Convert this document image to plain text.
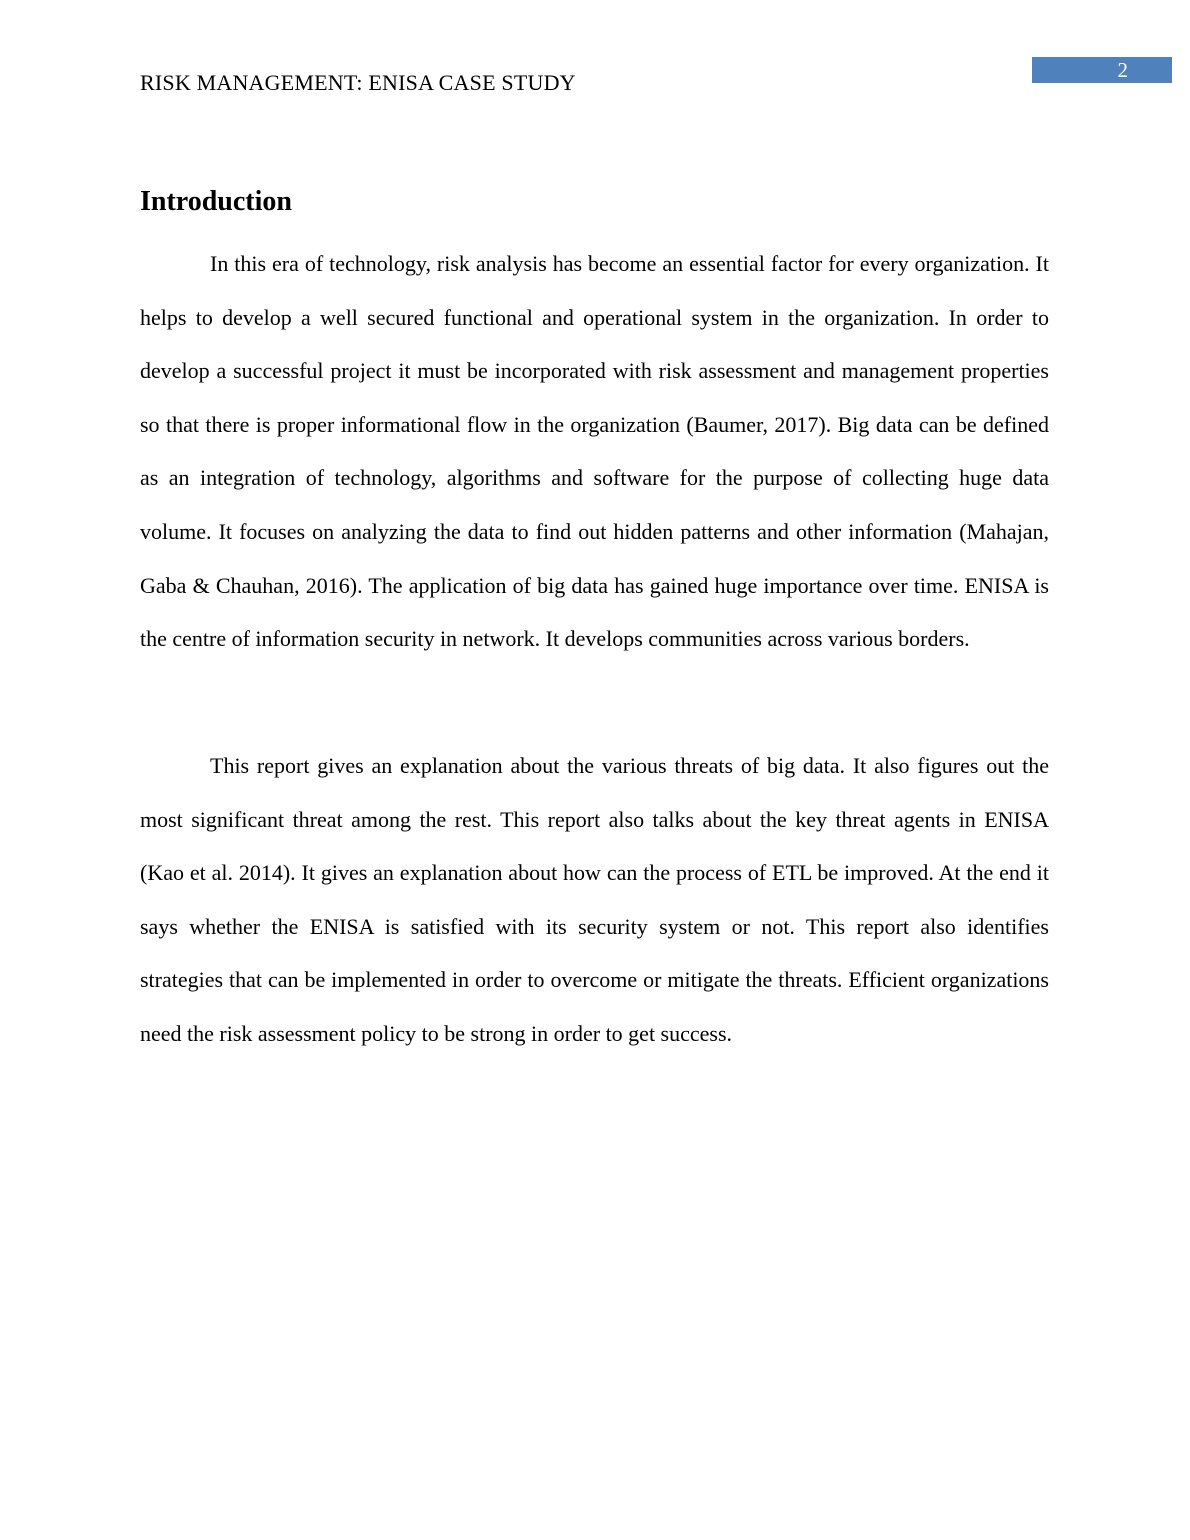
RISK MANAGEMENT: ENISA CASE STUDY	2
Introduction

In this era of technology, risk analysis has become an essential factor for every organization. It helps to develop a well secured functional and operational system in the organization. In order to develop a successful project it must be incorporated with risk assessment and management properties so that there is proper informational flow in the organization (Baumer, 2017). Big data can be defined as an integration of technology, algorithms and software for the purpose of collecting huge data volume. It focuses on analyzing the data to find out hidden patterns and other information (Mahajan, Gaba & Chauhan, 2016). The application of big data has gained huge importance over time. ENISA is the centre of information security in network. It develops communities across various borders.

This report gives an explanation about the various threats of big data. It also figures out the most significant threat among the rest. This report also talks about the key threat agents in ENISA (Kao et al. 2014). It gives an explanation about how can the process of ETL be improved. At the end it says whether the ENISA is satisfied with its security system or not. This report also identifies strategies that can be implemented in order to overcome or mitigate the threats. Efficient organizations need the risk assessment policy to be strong in order to get success.
